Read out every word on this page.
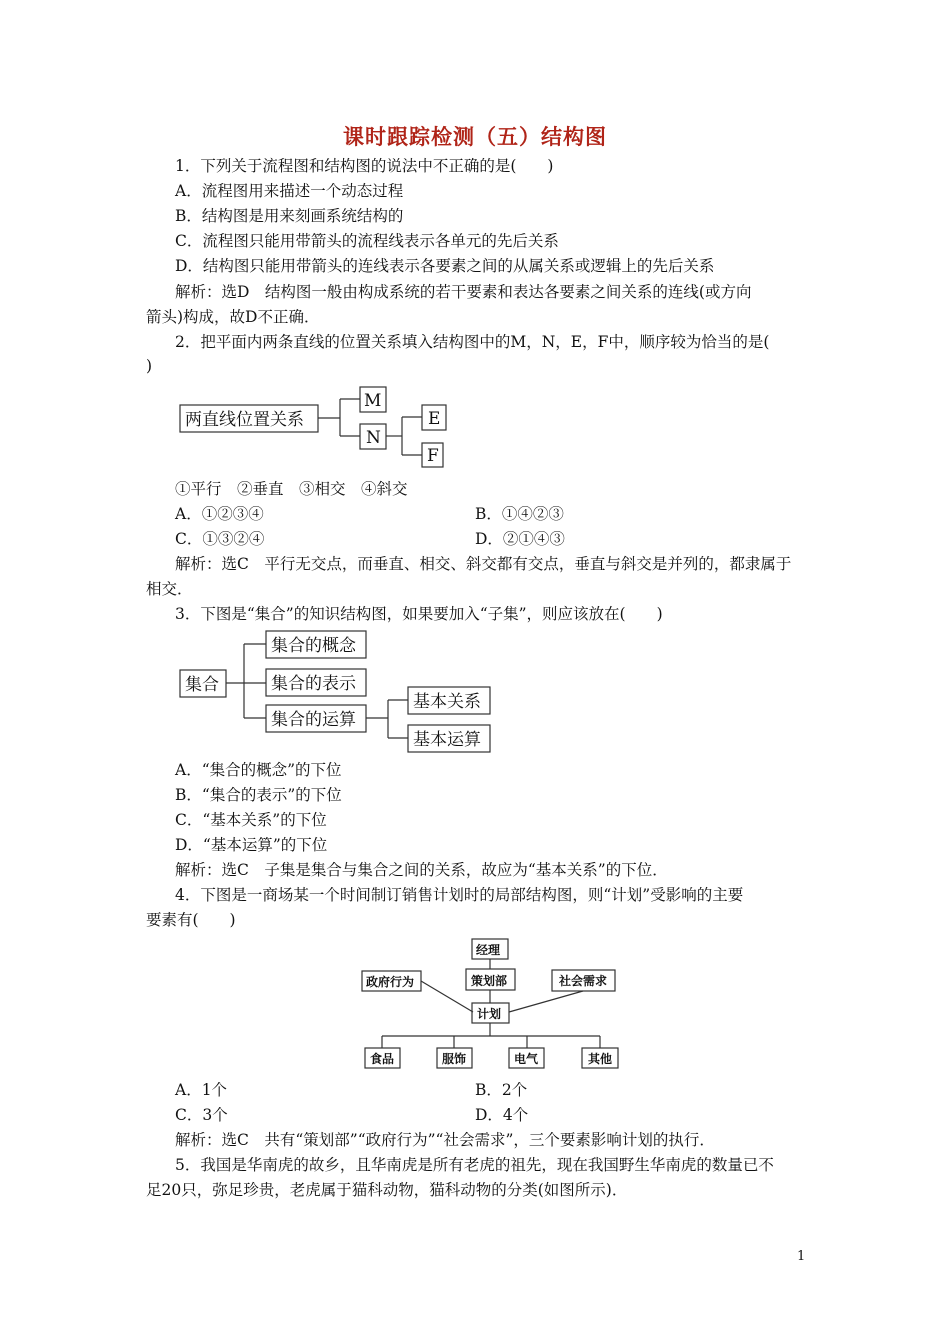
课时跟踪检测（五）结构图
1．下列关于流程图和结构图的说法中不正确的是(　　)
A．流程图用来描述一个动态过程
B．结构图是用来刻画系统结构的
C．流程图只能用带箭头的流程线表示各单元的先后关系
D．结构图只能用带箭头的连线表示各要素之间的从属关系或逻辑上的先后关系
解析：选D　结构图一般由构成系统的若干要素和表达各要素之间关系的连线(或方向
箭头)构成，故D不正确．
2．把平面内两条直线的位置关系填入结构图中的M，N，E，F中，顺序较为恰当的是(
)
两直线位置关系
M
N
E
F
①平行　②垂直　③相交　④斜交
A．①②③④	B．①④②③
C．①③②④	D．②①④③
解析：选C　平行无交点，而垂直、相交、斜交都有交点，垂直与斜交是并列的，都隶属于
相交．
3．下图是“集合”的知识结构图，如果要加入“子集”，则应该放在(　　)
集合
集合的概念
集合的表示
集合的运算
基本关系
基本运算
A．“集合的概念”的下位
B．“集合的表示”的下位
C．“基本关系”的下位
D．“基本运算”的下位
解析：选C　子集是集合与集合之间的关系，故应为“基本关系”的下位．
4．下图是一商场某一个时间制订销售计划时的局部结构图，则“计划”受影响的主要
要素有(　　)
经理
政府行为	策划部	社会需求
计划
食品	服饰	电气	其他
A．1个	B．2个
C．3个	D．4个
解析：选C　共有“策划部”“政府行为”“社会需求”，三个要素影响计划的执行．
5．我国是华南虎的故乡，且华南虎是所有老虎的祖先，现在我国野生华南虎的数量已不
足20只，弥足珍贵，老虎属于猫科动物，猫科动物的分类(如图所示)．
1
